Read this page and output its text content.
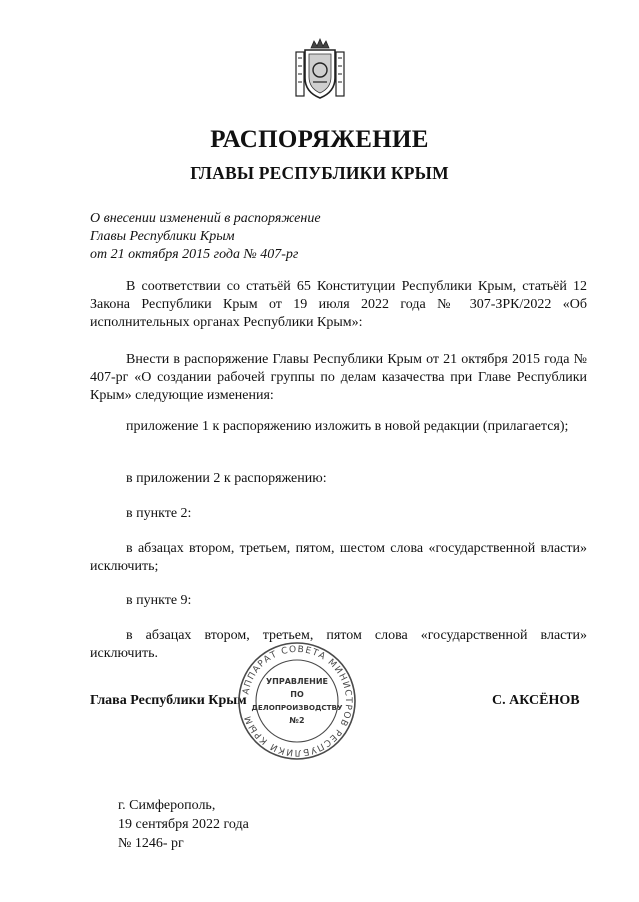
РАСПОРЯЖЕНИЕ
ГЛАВЫ РЕСПУБЛИКИ КРЫМ
О внесении изменений в распоряжение
Главы Республики Крым
от 21 октября 2015 года № 407-рг

В соответствии со статьёй 65 Конституции Республики Крым, статьёй 12 Закона Республики Крым от 19 июля 2022 года № 307-ЗРК/2022 «Об исполнительных органах Республики Крым»:

Внести в распоряжение Главы Республики Крым от 21 октября 2015 года № 407-рг «О создании рабочей группы по делам казачества при Главе Республики Крым» следующие изменения:

приложение 1 к распоряжению изложить в новой редакции (прилагается);

в приложении 2 к распоряжению:

в пункте 2:

в абзацах втором, третьем, пятом, шестом слова «государственной власти» исключить;

в пункте 9:

в абзацах втором, третьем, пятом слова «государственной власти» исключить.

Глава Республики Крым	С. АКСЁНОВ
АППАРАТ СОВЕТА МИНИСТРОВ РЕСПУБЛИКИ КРЫМ
УПРАВЛЕНИЕ
ПО
ДЕЛОПРОИЗВОДСТВУ
№2
г. Симферополь,
19 сентября 2022 года
№ 1246- рг
